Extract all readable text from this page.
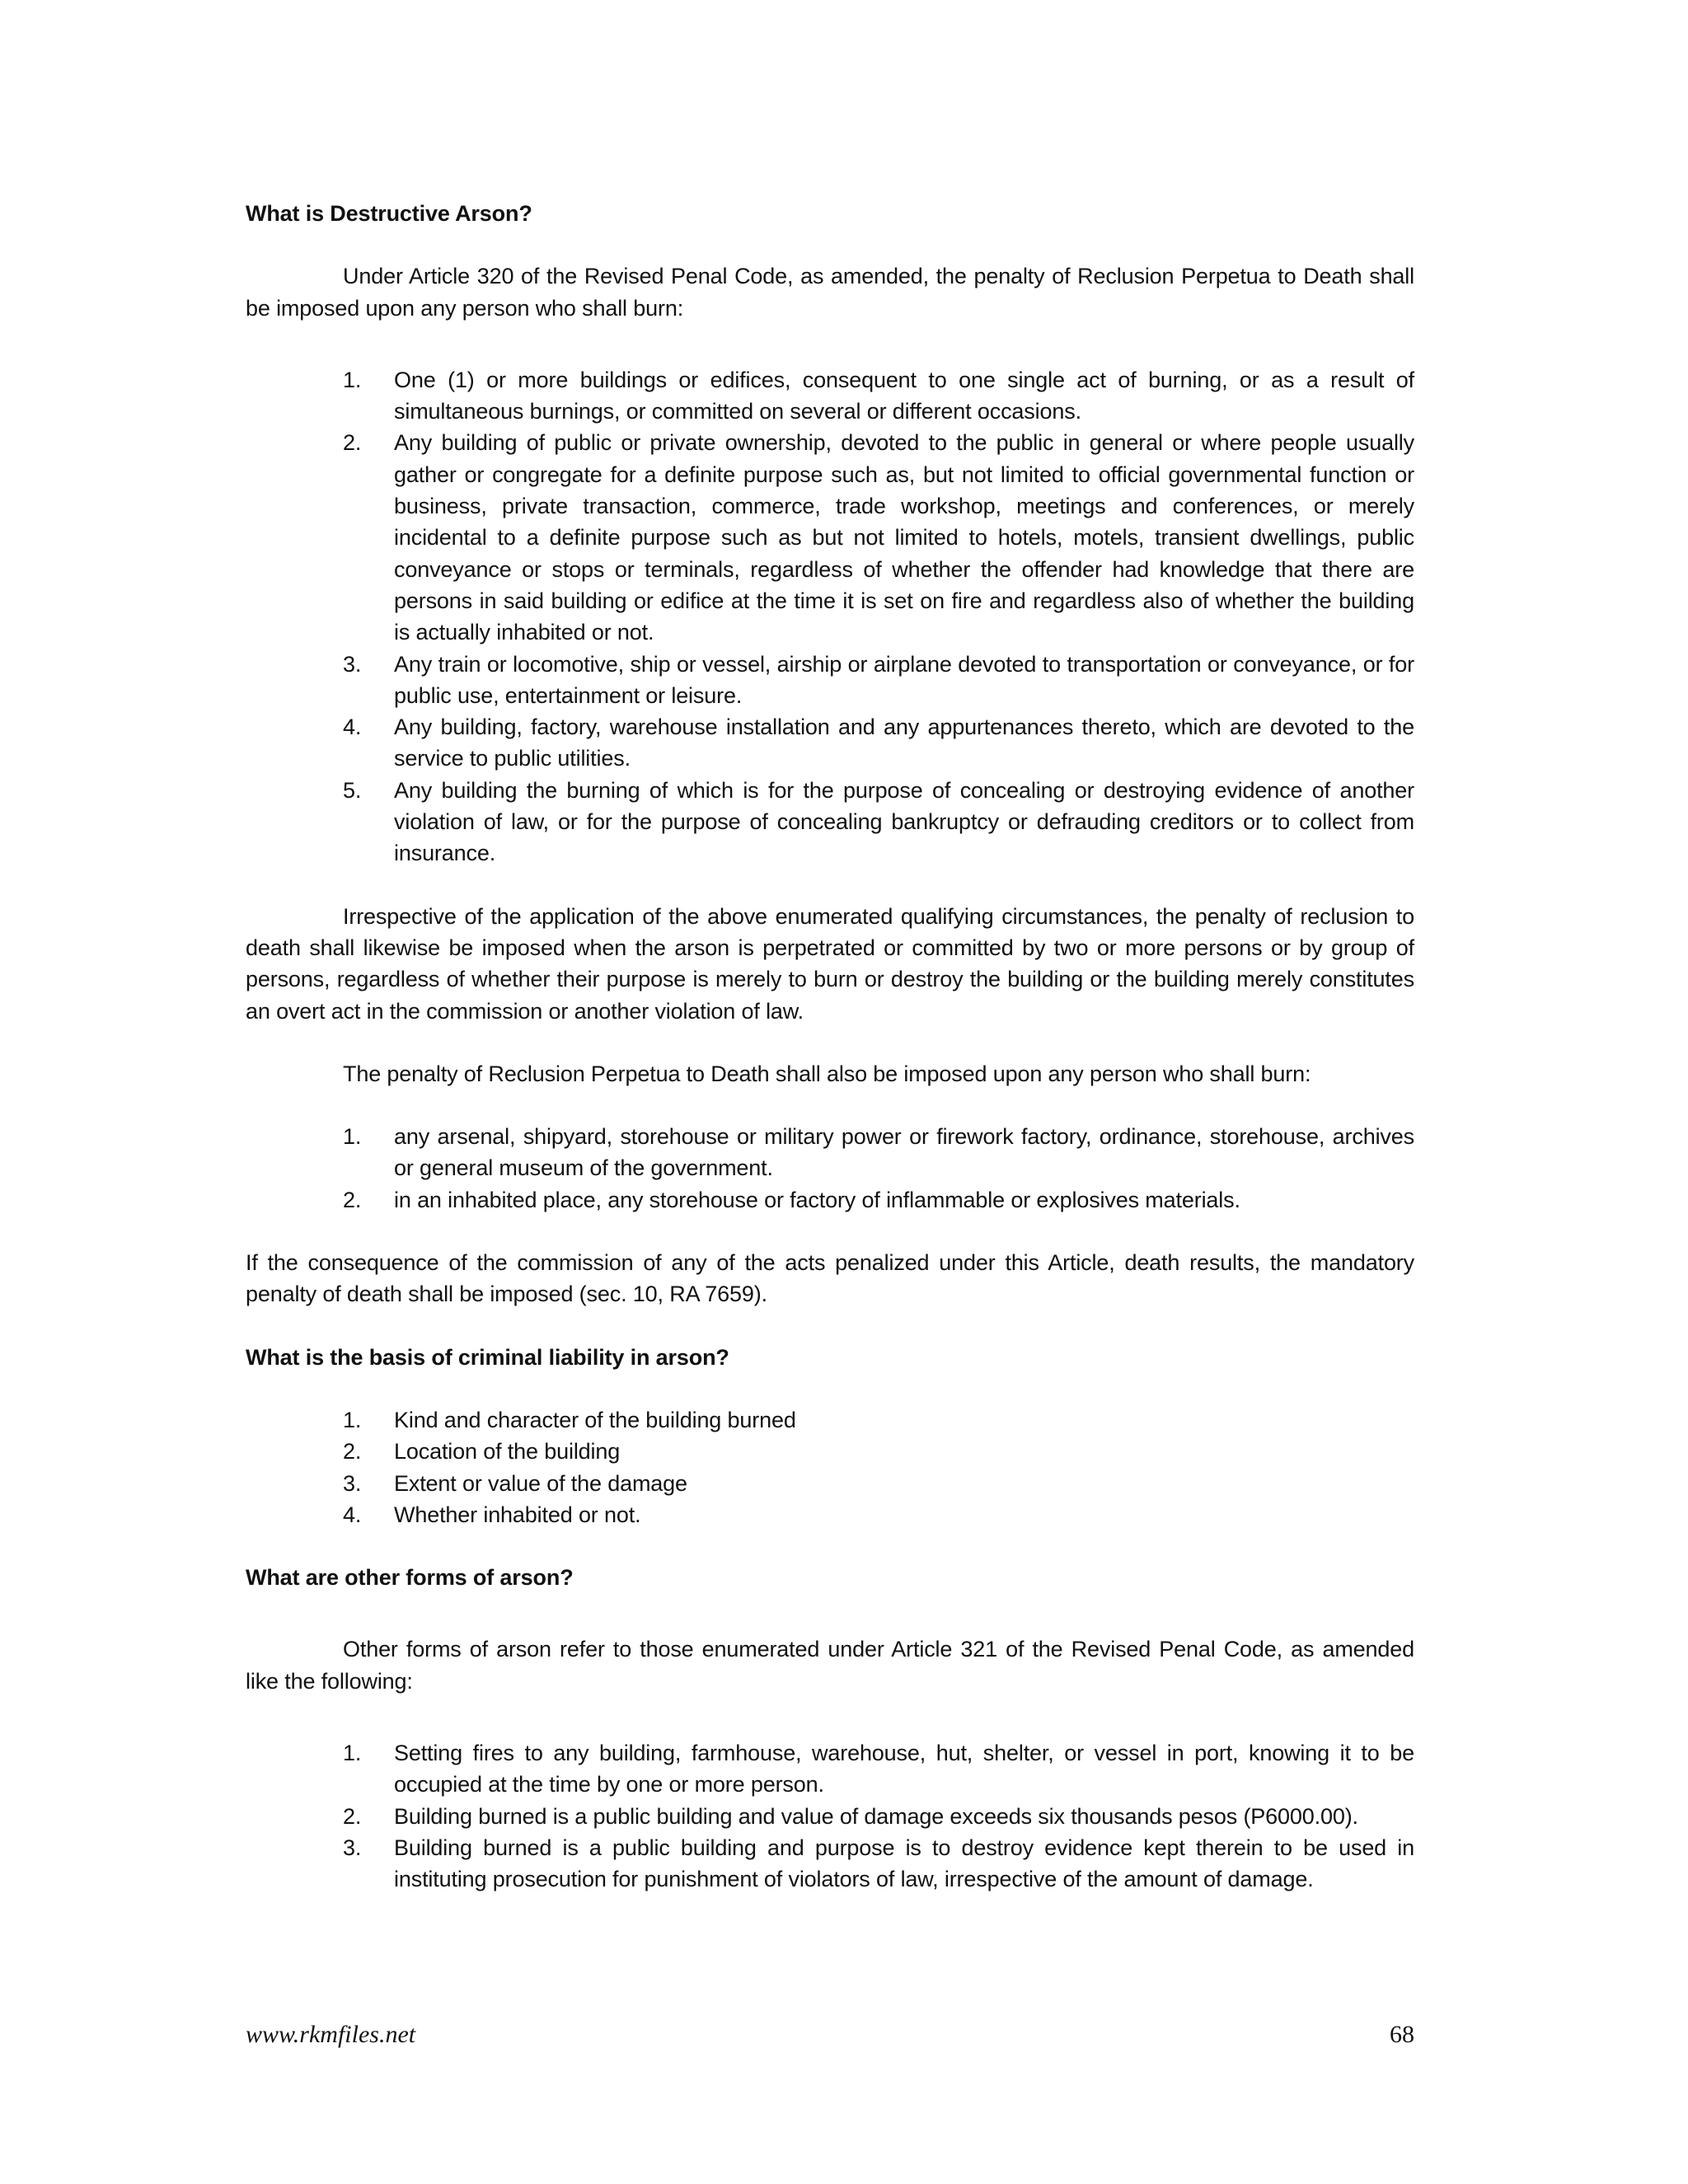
What is Destructive Arson?

Under Article 320 of the Revised Penal Code, as amended, the penalty of Reclusion Perpetua to Death shall be imposed upon any person who shall burn:

1. One (1) or more buildings or edifices, consequent to one single act of burning, or as a result of simultaneous burnings, or committed on several or different occasions.
2. Any building of public or private ownership, devoted to the public in general or where people usually gather or congregate for a definite purpose such as, but not limited to official governmental function or business, private transaction, commerce, trade workshop, meetings and conferences, or merely incidental to a definite purpose such as but not limited to hotels, motels, transient dwellings, public conveyance or stops or terminals, regardless of whether the offender had knowledge that there are persons in said building or edifice at the time it is set on fire and regardless also of whether the building is actually inhabited or not.
3. Any train or locomotive, ship or vessel, airship or airplane devoted to transportation or conveyance, or for public use, entertainment or leisure.
4. Any building, factory, warehouse installation and any appurtenances thereto, which are devoted to the service to public utilities.
5. Any building the burning of which is for the purpose of concealing or destroying evidence of another violation of law, or for the purpose of concealing bankruptcy or defrauding creditors or to collect from insurance.

Irrespective of the application of the above enumerated qualifying circumstances, the penalty of reclusion to death shall likewise be imposed when the arson is perpetrated or committed by two or more persons or by group of persons, regardless of whether their purpose is merely to burn or destroy the building or the building merely constitutes an overt act in the commission or another violation of law.

The penalty of Reclusion Perpetua to Death shall also be imposed upon any person who shall burn:

1. any arsenal, shipyard, storehouse or military power or firework factory, ordinance, storehouse, archives or general museum of the government.
2. in an inhabited place, any storehouse or factory of inflammable or explosives materials.

If the consequence of the commission of any of the acts penalized under this Article, death results, the mandatory penalty of death shall be imposed (sec. 10, RA 7659).

What is the basis of criminal liability in arson?
1. Kind and character of the building burned
2. Location of the building
3. Extent or value of the damage
4. Whether inhabited or not.
What are other forms of arson?

Other forms of arson refer to those enumerated under Article 321 of the Revised Penal Code, as amended like the following:

1. Setting fires to any building, farmhouse, warehouse, hut, shelter, or vessel in port, knowing it to be occupied at the time by one or more person.
2. Building burned is a public building and value of damage exceeds six thousands pesos (P6000.00).
3. Building burned is a public building and purpose is to destroy evidence kept therein to be used in instituting prosecution for punishment of violators of law, irrespective of the amount of damage.
www.rkmfiles.net	68
